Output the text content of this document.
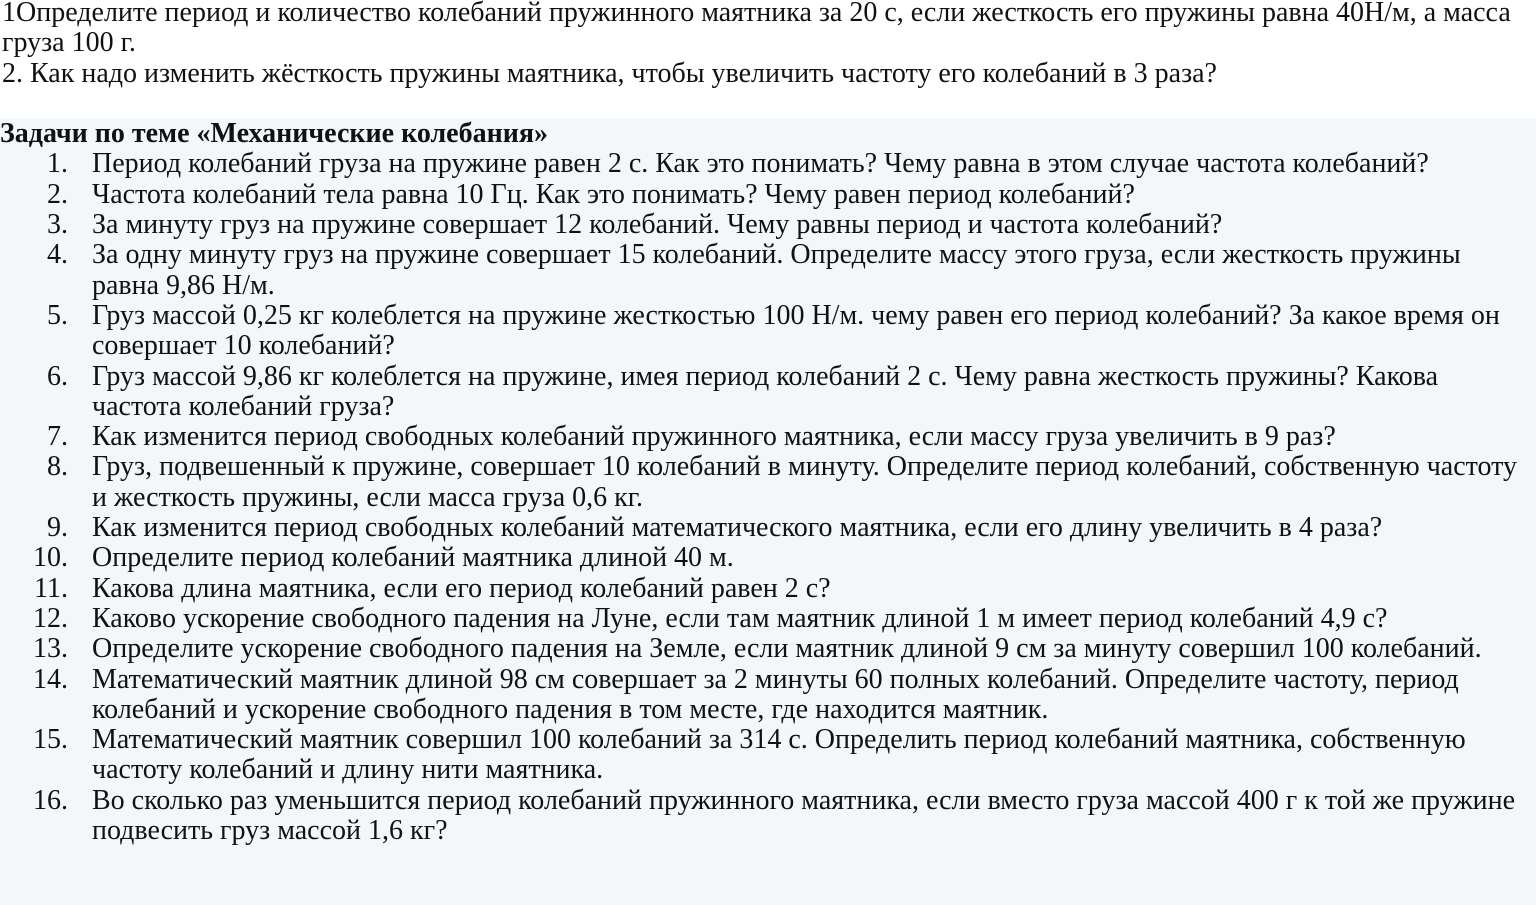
1Определите период и количество колебаний пружинного маятника за 20 с, если жесткость его пружины равна 40Н/м, а масса груза 100 г.

2. Как надо изменить жёсткость пружины маятника, чтобы увеличить частоту его колебаний в 3 раза?

Задачи по теме «Механические колебания»
1. Период колебаний груза на пружине равен 2 с. Как это понимать? Чему равна в этом случае частота колебаний?
2. Частота колебаний тела равна 10 Гц. Как это понимать? Чему равен период колебаний?
3. За минуту груз на пружине совершает 12 колебаний. Чему равны период и частота колебаний?
4. За одну минуту груз на пружине совершает 15 колебаний. Определите массу этого груза, если жесткость пружины равна 9,86 Н/м.
5. Груз массой 0,25 кг колеблется на пружине жесткостью 100 Н/м. чему равен его период колебаний? За какое время он совершает 10 колебаний?
6. Груз массой 9,86 кг колеблется на пружине, имея период колебаний 2 с. Чему равна жесткость пружины? Какова частота колебаний груза?
7. Как изменится период свободных колебаний пружинного маятника, если массу груза увеличить в 9 раз?
8. Груз, подвешенный к пружине, совершает 10 колебаний в минуту. Определите период колебаний, собственную частоту и жесткость пружины, если масса груза 0,6 кг.
9. Как изменится период свободных колебаний математического маятника, если его длину увеличить в 4 раза?
10. Определите период колебаний маятника длиной 40 м.
11. Какова длина маятника, если его период колебаний равен 2 с?
12. Каково ускорение свободного падения на Луне, если там маятник длиной 1 м имеет период колебаний 4,9 с?
13. Определите ускорение свободного падения на Земле, если маятник длиной 9 см за минуту совершил 100 колебаний.
14. Математический маятник длиной 98 см совершает за 2 минуты 60 полных колебаний. Определите частоту, период колебаний и ускорение свободного падения в том месте, где находится маятник.
15. Математический маятник совершил 100 колебаний за 314 с. Определить период колебаний маятника, собственную частоту колебаний и длину нити маятника.
16. Во сколько раз уменьшится период колебаний пружинного маятника, если вместо груза массой 400 г к той же пружине подвесить груз массой 1,6 кг?
